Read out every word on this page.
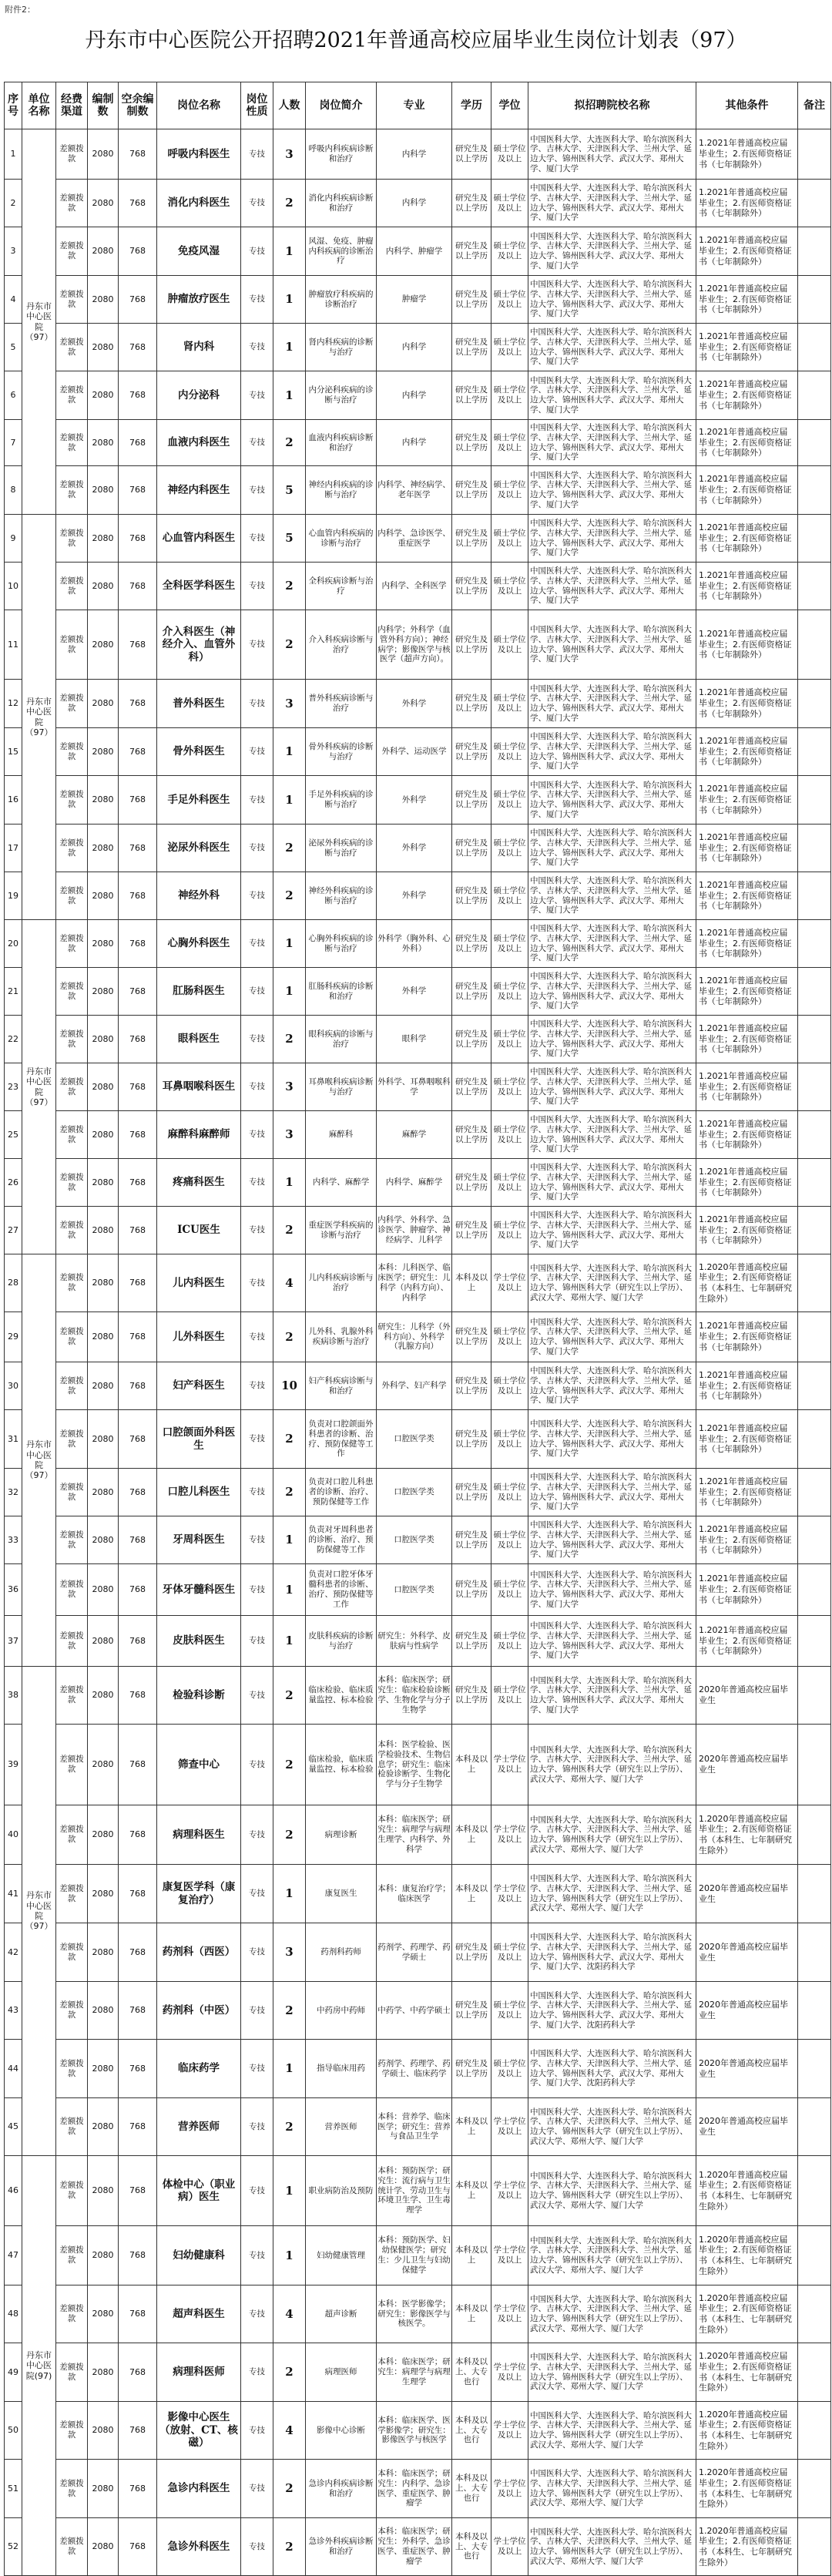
附件2：
丹东市中心医院公开招聘2021年普通高校应届毕业生岗位计划表（97）
序号	单位名称	经费渠道	编制数	空余编制数	岗位名称	岗位性质	人数	岗位简介	专业	学历	学位	拟招聘院校名称	其他条件	备注
1	丹东市中心医院（97）	差额拨款	2080	768	呼吸内科医生	专技	3	呼吸内科疾病诊断和治疗	内科学	研究生及以上学历	硕士学位及以上	中国医科大学、大连医科大学、哈尔滨医科大学、吉林大学、天津医科大学、兰州大学、延边大学、锦州医科大学、武汉大学、郑州大学、厦门大学	1.2021年普通高校应届毕业生；2.有医师资格证书（七年制除外）	
2		差额拨款	2080	768	消化内科医生	专技	2	消化内科疾病诊断和治疗	内科学	研究生及以上学历	硕士学位及以上	中国医科大学、大连医科大学、哈尔滨医科大学、吉林大学、天津医科大学、兰州大学、延边大学、锦州医科大学、武汉大学、郑州大学、厦门大学	1.2021年普通高校应届毕业生；2.有医师资格证书（七年制除外）	
3		差额拨款	2080	768	免疫风湿	专技	1	风湿、免疫、肿瘤内科疾病的诊断治疗	内科学、肿瘤学	研究生及以上学历	硕士学位及以上	中国医科大学、大连医科大学、哈尔滨医科大学、吉林大学、天津医科大学、兰州大学、延边大学、锦州医科大学、武汉大学、郑州大学、厦门大学	1.2021年普通高校应届毕业生；2.有医师资格证书（七年制除外）	
4		差额拨款	2080	768	肿瘤放疗医生	专技	1	肿瘤放疗科疾病的诊断治疗	肿瘤学	研究生及以上学历	硕士学位及以上	中国医科大学、大连医科大学、哈尔滨医科大学、吉林大学、天津医科大学、兰州大学、延边大学、锦州医科大学、武汉大学、郑州大学、厦门大学	1.2021年普通高校应届毕业生；2.有医师资格证书（七年制除外）	
5		差额拨款	2080	768	肾内科	专技	1	肾内科疾病的诊断与治疗	内科学	研究生及以上学历	硕士学位及以上	中国医科大学、大连医科大学、哈尔滨医科大学、吉林大学、天津医科大学、兰州大学、延边大学、锦州医科大学、武汉大学、郑州大学、厦门大学	1.2021年普通高校应届毕业生；2.有医师资格证书（七年制除外）	
6		差额拨款	2080	768	内分泌科	专技	1	内分泌科疾病的诊断与治疗	内科学	研究生及以上学历	硕士学位及以上	中国医科大学、大连医科大学、哈尔滨医科大学、吉林大学、天津医科大学、兰州大学、延边大学、锦州医科大学、武汉大学、郑州大学、厦门大学	1.2021年普通高校应届毕业生；2.有医师资格证书（七年制除外）	
7		差额拨款	2080	768	血液内科医生	专技	2	血液内科疾病诊断和治疗	内科学	研究生及以上学历	硕士学位及以上	中国医科大学、大连医科大学、哈尔滨医科大学、吉林大学、天津医科大学、兰州大学、延边大学、锦州医科大学、武汉大学、郑州大学、厦门大学	1.2021年普通高校应届毕业生；2.有医师资格证书（七年制除外）	
8		差额拨款	2080	768	神经内科医生	专技	5	神经内科疾病的诊断与治疗	内科学、神经病学、老年医学	研究生及以上学历	硕士学位及以上	中国医科大学、大连医科大学、哈尔滨医科大学、吉林大学、天津医科大学、兰州大学、延边大学、锦州医科大学、武汉大学、郑州大学、厦门大学	1.2021年普通高校应届毕业生；2.有医师资格证书（七年制除外）	
9	丹东市中心医院（97）	差额拨款	2080	768	心血管内科医生	专技	5	心血管内科疾病的诊断与治疗	内科学、急诊医学、重症医学	研究生及以上学历	硕士学位及以上	中国医科大学、大连医科大学、哈尔滨医科大学、吉林大学、天津医科大学、兰州大学、延边大学、锦州医科大学、武汉大学、郑州大学、厦门大学	1.2021年普通高校应届毕业生；2.有医师资格证书（七年制除外）	
10		差额拨款	2080	768	全科医学科医生	专技	2	全科疾病诊断与治疗	内科学、全科医学	研究生及以上学历	硕士学位及以上	中国医科大学、大连医科大学、哈尔滨医科大学、吉林大学、天津医科大学、兰州大学、延边大学、锦州医科大学、武汉大学、郑州大学、厦门大学	1.2021年普通高校应届毕业生；2.有医师资格证书（七年制除外）	
11		差额拨款	2080	768	介入科医生（神经介入、血管外科）	专技	2	介入科疾病诊断与治疗	内科学；外科学（血管外科方向）；神经病学；影像医学与核医学（超声方向）。	研究生及以上学历	硕士学位及以上	中国医科大学、大连医科大学、哈尔滨医科大学、吉林大学、天津医科大学、兰州大学、延边大学、锦州医科大学、武汉大学、郑州大学、厦门大学	1.2021年普通高校应届毕业生；2.有医师资格证书（七年制除外）	
12		差额拨款	2080	768	普外科医生	专技	3	普外科疾病诊断与治疗	外科学	研究生及以上学历	硕士学位及以上	中国医科大学、大连医科大学、哈尔滨医科大学、吉林大学、天津医科大学、兰州大学、延边大学、锦州医科大学、武汉大学、郑州大学、厦门大学	1.2021年普通高校应届毕业生；2.有医师资格证书（七年制除外）	
15		差额拨款	2080	768	骨外科医生	专技	1	骨外科疾病的诊断与治疗	外科学、运动医学	研究生及以上学历	硕士学位及以上	中国医科大学、大连医科大学、哈尔滨医科大学、吉林大学、天津医科大学、兰州大学、延边大学、锦州医科大学、武汉大学、郑州大学、厦门大学	1.2021年普通高校应届毕业生；2.有医师资格证书（七年制除外）	
16		差额拨款	2080	768	手足外科医生	专技	1	手足外科疾病的诊断与治疗	外科学	研究生及以上学历	硕士学位及以上	中国医科大学、大连医科大学、哈尔滨医科大学、吉林大学、天津医科大学、兰州大学、延边大学、锦州医科大学、武汉大学、郑州大学、厦门大学	1.2021年普通高校应届毕业生；2.有医师资格证书（七年制除外）	
17		差额拨款	2080	768	泌尿外科医生	专技	2	泌尿外科疾病的诊断与治疗	外科学	研究生及以上学历	硕士学位及以上	中国医科大学、大连医科大学、哈尔滨医科大学、吉林大学、天津医科大学、兰州大学、延边大学、锦州医科大学、武汉大学、郑州大学、厦门大学	1.2021年普通高校应届毕业生；2.有医师资格证书（七年制除外）	
19		差额拨款	2080	768	神经外科	专技	2	神经外科疾病的诊断与治疗	外科学	研究生及以上学历	硕士学位及以上	中国医科大学、大连医科大学、哈尔滨医科大学、吉林大学、天津医科大学、兰州大学、延边大学、锦州医科大学、武汉大学、郑州大学、厦门大学	1.2021年普通高校应届毕业生；2.有医师资格证书（七年制除外）	
20	丹东市中心医院（97）	差额拨款	2080	768	心胸外科医生	专技	1	心胸外科疾病的诊断与治疗	外科学（胸外科、心外科）	研究生及以上学历	硕士学位及以上	中国医科大学、大连医科大学、哈尔滨医科大学、吉林大学、天津医科大学、兰州大学、延边大学、锦州医科大学、武汉大学、郑州大学、厦门大学	1.2021年普通高校应届毕业生；2.有医师资格证书（七年制除外）	
21		差额拨款	2080	768	肛肠科医生	专技	1	肛肠科疾病的诊断和治疗	外科学	研究生及以上学历	硕士学位及以上	中国医科大学、大连医科大学、哈尔滨医科大学、吉林大学、天津医科大学、兰州大学、延边大学、锦州医科大学、武汉大学、郑州大学、厦门大学	1.2021年普通高校应届毕业生；2.有医师资格证书（七年制除外）	
22		差额拨款	2080	768	眼科医生	专技	2	眼科疾病的诊断与治疗	眼科学	研究生及以上学历	硕士学位及以上	中国医科大学、大连医科大学、哈尔滨医科大学、吉林大学、天津医科大学、兰州大学、延边大学、锦州医科大学、武汉大学、郑州大学、厦门大学	1.2021年普通高校应届毕业生；2.有医师资格证书（七年制除外）	
23		差额拨款	2080	768	耳鼻咽喉科医生	专技	3	耳鼻喉科疾病诊断与治疗	外科学、耳鼻咽喉科学	研究生及以上学历	硕士学位及以上	中国医科大学、大连医科大学、哈尔滨医科大学、吉林大学、天津医科大学、兰州大学、延边大学、锦州医科大学、武汉大学、郑州大学、厦门大学	1.2021年普通高校应届毕业生；2.有医师资格证书（七年制除外）	
25		差额拨款	2080	768	麻醉科麻醉师	专技	3	麻醉科	麻醉学	研究生及以上学历	硕士学位及以上	中国医科大学、大连医科大学、哈尔滨医科大学、吉林大学、天津医科大学、兰州大学、延边大学、锦州医科大学、武汉大学、郑州大学、厦门大学	1.2021年普通高校应届毕业生；2.有医师资格证书（七年制除外）	
26		差额拨款	2080	768	疼痛科医生	专技	1	内科学、麻醉学	内科学、麻醉学	研究生及以上学历	硕士学位及以上	中国医科大学、大连医科大学、哈尔滨医科大学、吉林大学、天津医科大学、兰州大学、延边大学、锦州医科大学、武汉大学、郑州大学、厦门大学	1.2021年普通高校应届毕业生；2.有医师资格证书（七年制除外）	
27		差额拨款	2080	768	ICU医生	专技	2	重症医学科疾病的诊断与治疗	内科学、外科学、急诊医学、肿瘤学、神经病学、儿科学	研究生及以上学历	硕士学位及以上	中国医科大学、大连医科大学、哈尔滨医科大学、吉林大学、天津医科大学、兰州大学、延边大学、锦州医科大学、武汉大学、郑州大学、厦门大学	1.2021年普通高校应届毕业生；2.有医师资格证书（七年制除外）	
28	丹东市中心医院（97）	差额拨款	2080	768	儿内科医生	专技	4	儿内科疾病诊断与治疗	本科：儿科医学、临床医学；研究生：儿科学（内科方向）、内科学	本科及以上	学士学位及以上	中国医科大学、大连医科大学、哈尔滨医科大学、吉林大学、天津医科大学、兰州大学、延边大学、锦州医科大学（研究生以上学历）、武汉大学、郑州大学、厦门大学	1.2020年普通高校应届毕业生；2.有医师资格证书（本科生、七年制研究生除外）	
29		差额拨款	2080	768	儿外科医生	专技	2	儿外科、乳腺外科疾病诊断与治疗	研究生：儿科学（外科方向）、外科学（乳腺方向）	研究生及以上学历	硕士学位及以上	中国医科大学、大连医科大学、哈尔滨医科大学、吉林大学、天津医科大学、兰州大学、延边大学、锦州医科大学、武汉大学、郑州大学、厦门大学	1.2021年普通高校应届毕业生；2.有医师资格证书（七年制除外）	
30		差额拨款	2080	768	妇产科医生	专技	10	妇产科疾病诊断与和治疗	外科学、妇产科学	研究生及以上学历	硕士学位及以上	中国医科大学、大连医科大学、哈尔滨医科大学、吉林大学、天津医科大学、兰州大学、延边大学、锦州医科大学、武汉大学、郑州大学、厦门大学	1.2021年普通高校应届毕业生；2.有医师资格证书（七年制除外）	
31		差额拨款	2080	768	口腔颌面外科医生	专技	2	负责对口腔颌面外科患者的诊断、治疗、预防保健等工作	口腔医学类	研究生及以上学历	硕士学位及以上	中国医科大学、大连医科大学、哈尔滨医科大学、吉林大学、天津医科大学、兰州大学、延边大学、锦州医科大学、武汉大学、郑州大学、厦门大学	1.2021年普通高校应届毕业生；2.有医师资格证书（七年制除外）	
32		差额拨款	2080	768	口腔儿科医生	专技	2	负责对口腔儿科患者的诊断、治疗、预防保健等工作	口腔医学类	研究生及以上学历	硕士学位及以上	中国医科大学、大连医科大学、哈尔滨医科大学、吉林大学、天津医科大学、兰州大学、延边大学、锦州医科大学、武汉大学、郑州大学、厦门大学	1.2021年普通高校应届毕业生；2.有医师资格证书（七年制除外）	
33		差额拨款	2080	768	牙周科医生	专技	1	负责对牙周科患者的诊断、治疗、预防保健等工作	口腔医学类	研究生及以上学历	硕士学位及以上	中国医科大学、大连医科大学、哈尔滨医科大学、吉林大学、天津医科大学、兰州大学、延边大学、锦州医科大学、武汉大学、郑州大学、厦门大学	1.2021年普通高校应届毕业生；2.有医师资格证书（七年制除外）	
36		差额拨款	2080	768	牙体牙髓科医生	专技	1	负责对口腔牙体牙髓科患者的诊断、治疗、预防保健等工作	口腔医学类	研究生及以上学历	硕士学位及以上	中国医科大学、大连医科大学、哈尔滨医科大学、吉林大学、天津医科大学、兰州大学、延边大学、锦州医科大学、武汉大学、郑州大学、厦门大学	1.2021年普通高校应届毕业生；2.有医师资格证书（七年制除外）	
37		差额拨款	2080	768	皮肤科医生	专技	1	皮肤科疾病的诊断与治疗	研究生：外科学、皮肤病与性病学	研究生及以上学历	硕士学位及以上	中国医科大学、大连医科大学、哈尔滨医科大学、吉林大学、天津医科大学、兰州大学、延边大学、锦州医科大学、武汉大学、郑州大学、厦门大学	1.2021年普通高校应届毕业生；2.有医师资格证书（七年制除外）	
38	丹东市中心医院（97）	差额拨款	2080	768	检验科诊断	专技	2	临床检验、临床质量监控、标本检验	本科：临床医学；研究生：临床检验诊断学、生物化学与分子生物学	研究生及以上学历	硕士学位及以上	中国医科大学、大连医科大学、哈尔滨医科大学、吉林大学、天津医科大学、兰州大学、延边大学、锦州医科大学、武汉大学、郑州大学、厦门大学	2020年普通高校应届毕业生	
39		差额拨款	2080	768	筛查中心	专技	2	临床检验，临床质量监控、标本检验	本科：医学检验、医学检验技术、生物信息学；研究生：临床检验诊断学、生物化学与分子生物学	本科及以上	学士学位及以上	中国医科大学、大连医科大学、哈尔滨医科大学、吉林大学、天津医科大学、兰州大学、延边大学、锦州医科大学（研究生以上学历）、武汉大学、郑州大学、厦门大学	2020年普通高校应届毕业生	
40		差额拨款	2080	768	病理科医生	专技	2	病理诊断	本科：临床医学；研究生：病理学与病理生理学、内科学、外科学	本科及以上	学士学位及以上	中国医科大学、大连医科大学、哈尔滨医科大学、吉林大学、天津医科大学、兰州大学、延边大学、锦州医科大学（研究生以上学历）、武汉大学、郑州大学、厦门大学	1.2020年普通高校应届毕业生；2.有医师资格证书（本科生、七年制研究生除外）	
41		差额拨款	2080	768	康复医学科（康复治疗）	专技	1	康复医生	本科：康复治疗学；临床医学	本科及以上	学士学位及以上	中国医科大学、大连医科大学、哈尔滨医科大学、吉林大学、天津医科大学、兰州大学、延边大学、锦州医科大学（研究生以上学历）、武汉大学、郑州大学、厦门大学	2020年普通高校应届毕业生	
42		差额拨款	2080	768	药剂科（西医）	专技	3	药剂科药师	药剂学、药理学、药学硕士	研究生及以上学历	硕士学位及以上	中国医科大学、大连医科大学、哈尔滨医科大学、吉林大学、天津医科大学、兰州大学、延边大学、锦州医科大学、武汉大学、郑州大学、厦门大学、沈阳药科大学	2020年普通高校应届毕业生	
43		差额拨款	2080	768	药剂科（中医）	专技	2	中药房中药师	中药学、中药学硕士	研究生及以上学历	硕士学位及以上	中国医科大学、大连医科大学、哈尔滨医科大学、吉林大学、天津医科大学、兰州大学、延边大学、锦州医科大学、武汉大学、郑州大学、厦门大学、沈阳药科大学	2020年普通高校应届毕业生	
44		差额拨款	2080	768	临床药学	专技	1	指导临床用药	药剂学、药理学、药学硕士、临床药学	研究生及以上学历	硕士学位及以上	中国医科大学、大连医科大学、哈尔滨医科大学、吉林大学、天津医科大学、兰州大学、延边大学、锦州医科大学、武汉大学、郑州大学、厦门大学、沈阳药科大学	2020年普通高校应届毕业生	
45		差额拨款	2080	768	营养医师	专技	2	营养医师	本科：营养学、临床医学；研究生：营养与食品卫生学	本科及以上	学士学位及以上	中国医科大学、大连医科大学、哈尔滨医科大学、吉林大学、天津医科大学、兰州大学、延边大学、锦州医科大学（研究生以上学历）、武汉大学、郑州大学、厦门大学	2020年普通高校应届毕业生	
46	丹东市中心医院(97)	差额拨款	2080	768	体检中心（职业病）医生	专技	1	职业病防治及预防	本科：预防医学；研究生：流行病与卫生统计学、劳动卫生与环境卫生学、卫生毒理学	本科及以上	学士学位及以上	中国医科大学、大连医科大学、哈尔滨医科大学、吉林大学、天津医科大学、兰州大学、延边大学、锦州医科大学（研究生以上学历）、武汉大学、郑州大学、厦门大学	1.2020年普通高校应届毕业生；2.有医师资格证书（本科生、七年制研究生除外）	
47		差额拨款	2080	768	妇幼健康科	专技	1	妇幼健康管理	本科：预防医学、妇幼保健医学；研究生：少儿卫生与妇幼保健学	本科及以上	学士学位及以上	中国医科大学、大连医科大学、哈尔滨医科大学、吉林大学、天津医科大学、兰州大学、延边大学、锦州医科大学（研究生以上学历）、武汉大学、郑州大学、厦门大学	1.2020年普通高校应届毕业生；2.有医师资格证书（本科生、七年制研究生除外）	
48		差额拨款	2080	768	超声科医生	专技	4	超声诊断	本科：医学影像学；研究生：影像医学与核医学。	本科及以上	学士学位及以上	中国医科大学、大连医科大学、哈尔滨医科大学、吉林大学、天津医科大学、兰州大学、延边大学、锦州医科大学（研究生以上学历）、武汉大学、郑州大学、厦门大学	1.2020年普通高校应届毕业生；2.有医师资格证书（本科生、七年制研究生除外）	
49		差额拨款	2080	768	病理科医师	专技	2	病理医师	本科：临床医学；研究生：病理学与病理生理学	本科及以上、大专也行	学士学位及以上	中国医科大学、大连医科大学、哈尔滨医科大学、吉林大学、天津医科大学、兰州大学、延边大学、锦州医科大学（研究生以上学历）、武汉大学、郑州大学、厦门大学	1.2020年普通高校应届毕业生；2.有医师资格证书（本科生、七年制研究生除外）	
50		差额拨款	2080	768	影像中心医生（放射、CT、核磁）	专技	4	影像中心诊断	本科：临床医学、医学影像学；研究生：影像医学与核医学	本科及以上、大专也行	学士学位及以上	中国医科大学、大连医科大学、哈尔滨医科大学、吉林大学、天津医科大学、兰州大学、延边大学、锦州医科大学（研究生以上学历）、武汉大学、郑州大学、厦门大学	1.2020年普通高校应届毕业生；2.有医师资格证书（本科生、七年制研究生除外）	
51		差额拨款	2080	768	急诊内科医生	专技	2	急诊内科疾病诊断和治疗	本科：临床医学；研究生：内科学、急诊医学、重症医学、肿瘤学	本科及以上、大专也行	学士学位及以上	中国医科大学、大连医科大学、哈尔滨医科大学、吉林大学、天津医科大学、兰州大学、延边大学、锦州医科大学（研究生以上学历）、武汉大学、郑州大学、厦门大学	1.2020年普通高校应届毕业生；2.有医师资格证书（本科生、七年制研究生除外）	
52		差额拨款	2080	768	急诊外科医生	专技	2	急诊外科疾病诊断和治疗	本科：临床医学；研究生：外科学、急诊医学、重症医学、肿瘤学	本科及以上、大专也行	学士学位及以上	中国医科大学、大连医科大学、哈尔滨医科大学、吉林大学、天津医科大学、兰州大学、延边大学、锦州医科大学（研究生以上学历）、武汉大学、郑州大学、厦门大学	1.2020年普通高校应届毕业生；2.有医师资格证书（本科生、七年制研究生除外）	
